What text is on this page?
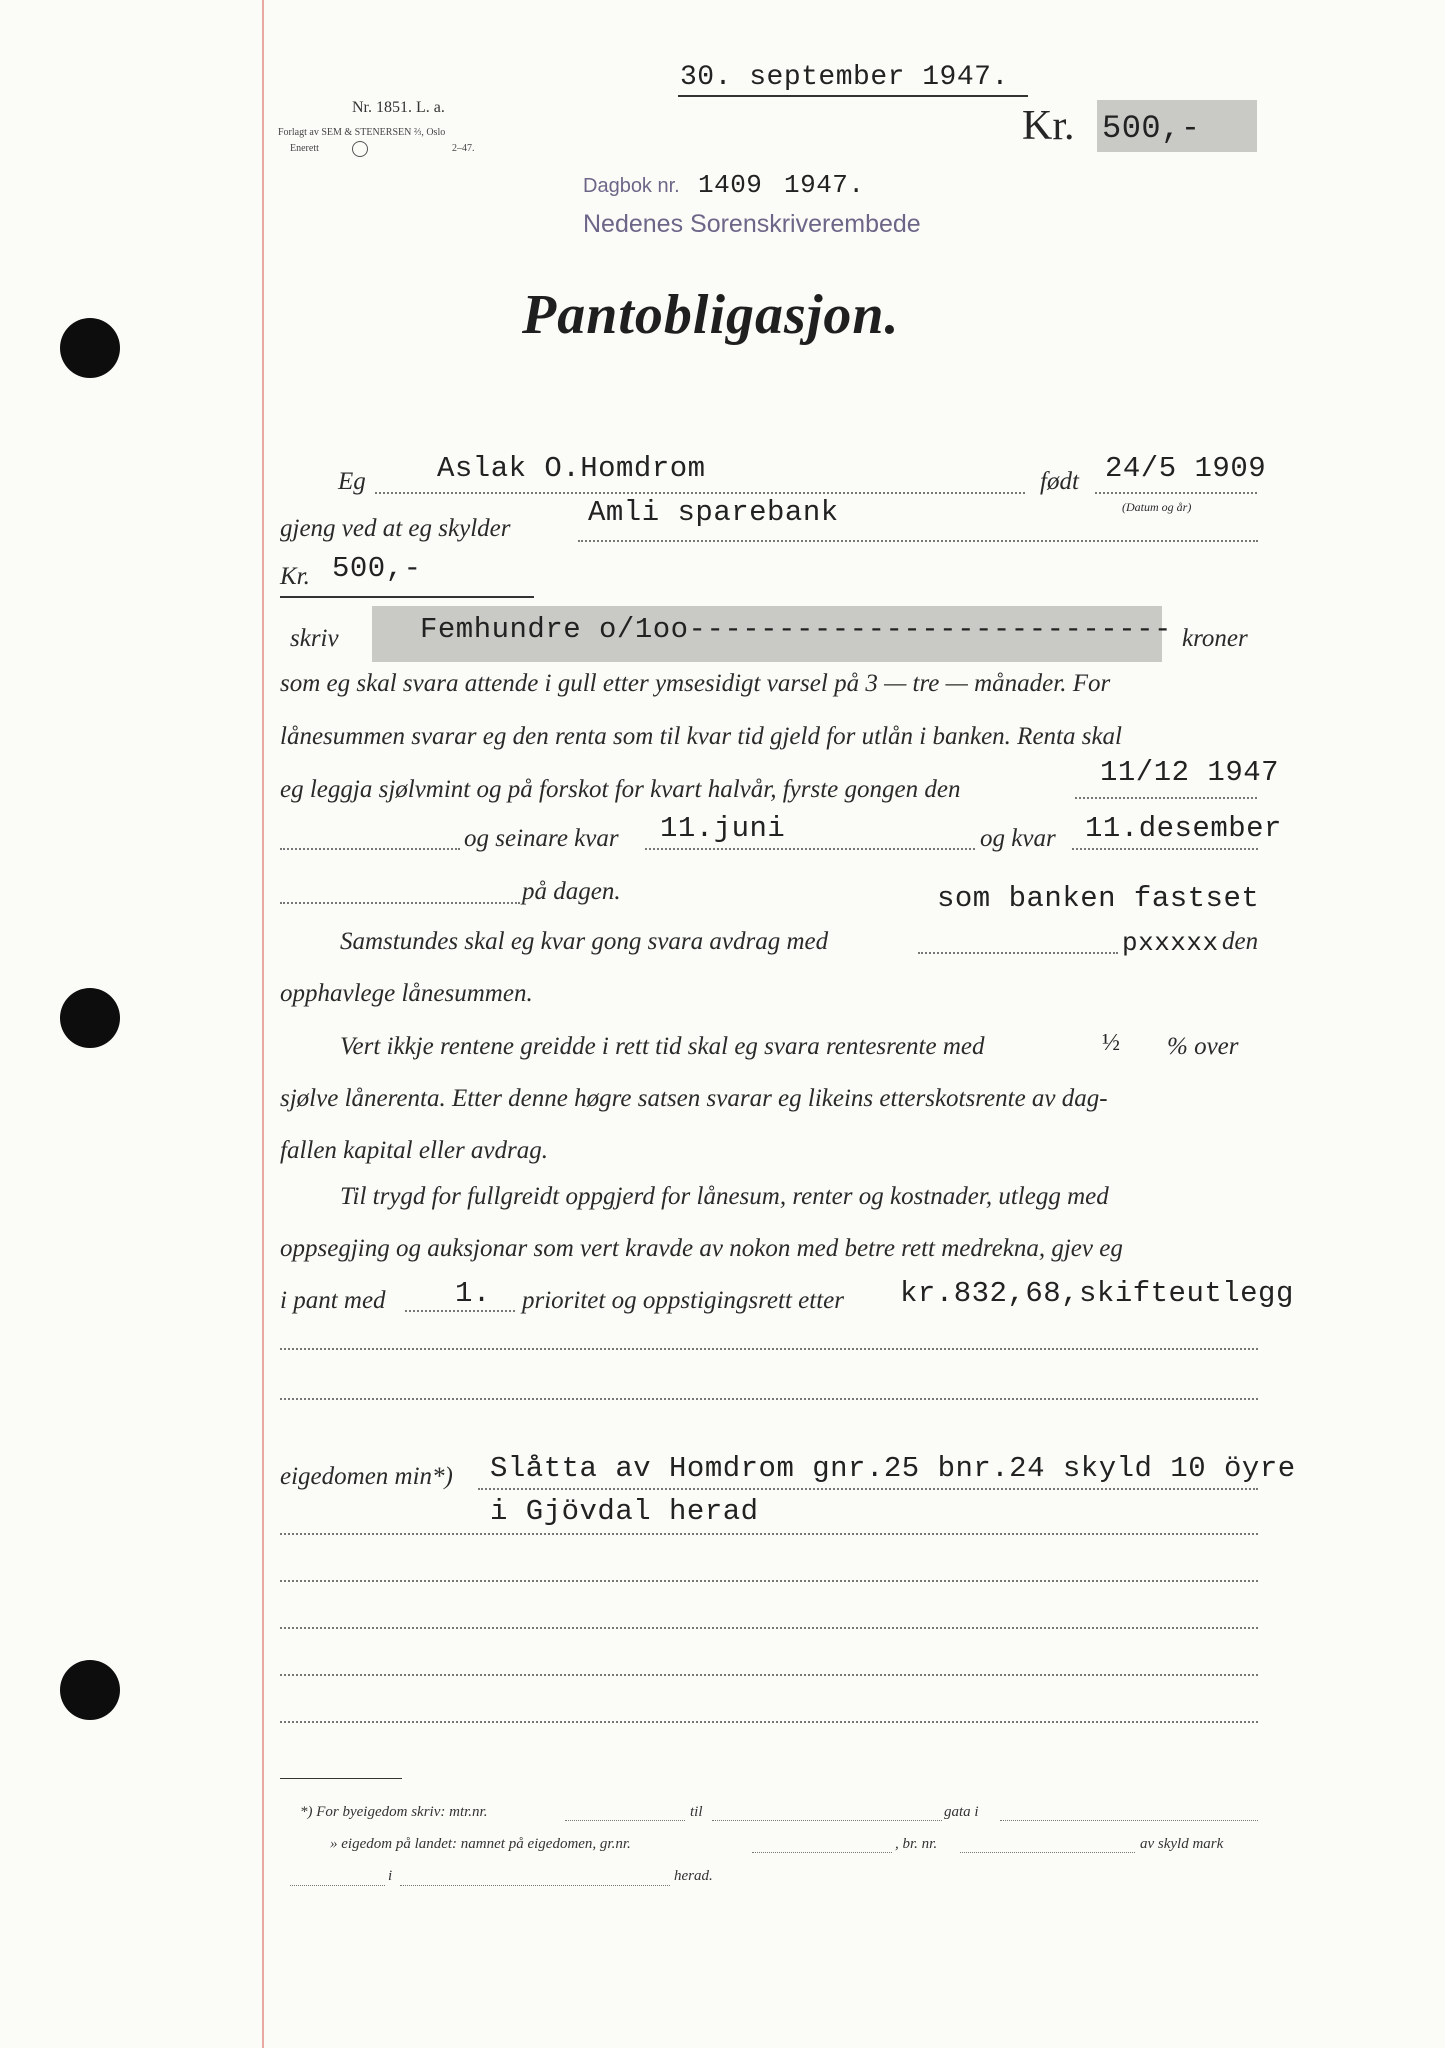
Nr. 1851. L. a.
Forlagt av SEM & STENERSEN ⅔, Oslo
Enerett	2–47.
30. september 1947.
Kr. 500,-
Dagbok nr. 1409 1947.
Nedenes Sorenskriverembede
Pantobligasjon.
Eg Aslak O.Homdrom	født 24/5 1909
(Datum og år)
gjeng ved at eg skylder	Amli sparebank
Kr. 500,-
skriv	Femhundre o/1oo--------------------------- kroner
som eg skal svara attende i gull etter ymsesidigt varsel på 3 — tre — månader. For
lånesummen svarar eg den renta som til kvar tid gjeld for utlån i banken. Renta skal
eg leggja sjølvmint og på forskot for kvart halvår, fyrste gongen den
11/12 1947
og seinare kvar 11.juni	og kvar 11.desember
på dagen.	som banken fastset
Samstundes skal eg kvar gong svara avdrag med	pxxxxx den
opphavlege lånesummen.
Vert ikkje rentene greidde i rett tid skal eg svara rentesrente med	½ % over
sjølve lånerenta. Etter denne høgre satsen svarar eg likeins etterskotsrente av dag-
fallen kapital eller avdrag.
Til trygd for fullgreidt oppgjerd for lånesum, renter og kostnader, utlegg med
oppsegjing og auksjonar som vert kravde av nokon med betre rett medrekna, gjev eg
i pant med 1. prioritet og oppstigingsrett etter kr.832,68,skifteutlegg
eigedomen min*) Slåtta av Homdrom gnr.25 bnr.24 skyld 10 öyre
i Gjövdal herad
*) For byeigedom skriv: mtr.nr.	til	gata i
» eigedom på landet: namnet på eigedomen, gr.nr.	, br. nr.	av skyld mark
i	herad.
